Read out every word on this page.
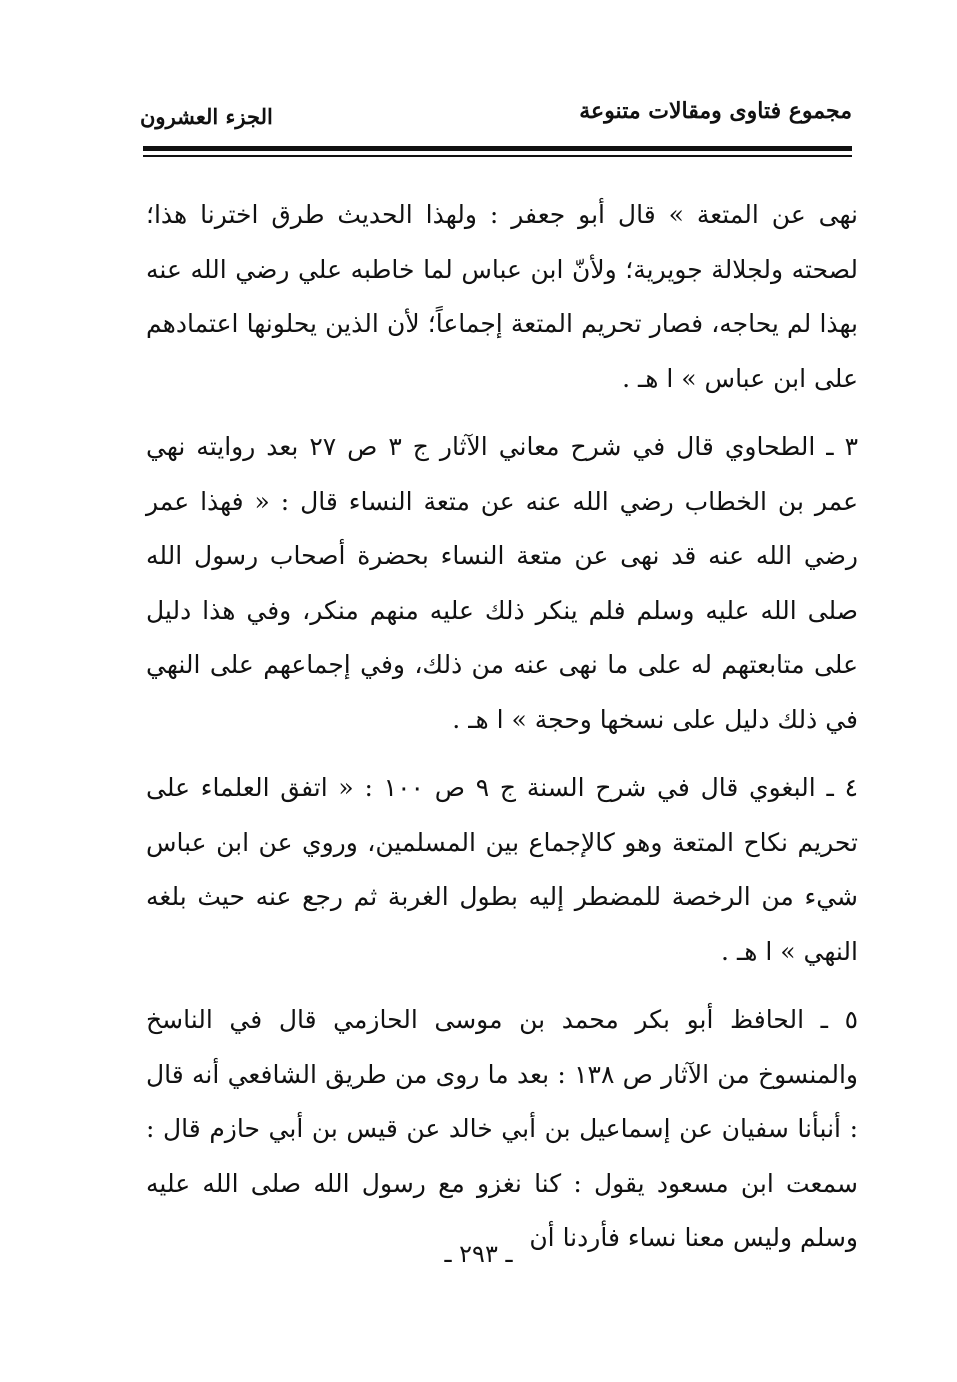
مجموع فتاوى ومقالات متنوعة
الجزء العشرون

نهى عن المتعة » قال أبو جعفر : ولهذا الحديث طرق اخترنا هذا؛ لصحته ولجلالة جويرية؛ ولأنّ ابن عباس لما خاطبه علي رضي الله عنه بهذا لم يحاجه، فصار تحريم المتعة إجماعاً؛ لأن الذين يحلونها اعتمادهم على ابن عباس » ا هـ .

٣ ـ الطحاوي قال في شرح معاني الآثار ج ٣ ص ٢٧ بعد روايته نهي عمر بن الخطاب رضي الله عنه عن متعة النساء قال : « فهذا عمر رضي الله عنه قد نهى عن متعة النساء بحضرة أصحاب رسول الله صلى الله عليه وسلم فلم ينكر ذلك عليه منهم منكر، وفي هذا دليل على متابعتهم له على ما نهى عنه من ذلك، وفي إجماعهم على النهي في ذلك دليل على نسخها وحجة » ا هـ .

٤ ـ البغوي قال في شرح السنة ج ٩ ص ١٠٠ : « اتفق العلماء على تحريم نكاح المتعة وهو كالإجماع بين المسلمين، وروي عن ابن عباس شيء من الرخصة للمضطر إليه بطول الغربة ثم رجع عنه حيث بلغه النهي » ا هـ .

٥ ـ الحافظ أبو بكر محمد بن موسى الحازمي قال في الناسخ والمنسوخ من الآثار ص ١٣٨ : بعد ما روى من طريق الشافعي أنه قال : أنبأنا سفيان عن إسماعيل بن أبي خالد عن قيس بن أبي حازم قال : سمعت ابن مسعود يقول : كنا نغزو مع رسول الله صلى الله عليه وسلم وليس معنا نساء فأردنا أن

ـ ٢٩٣ ـ
